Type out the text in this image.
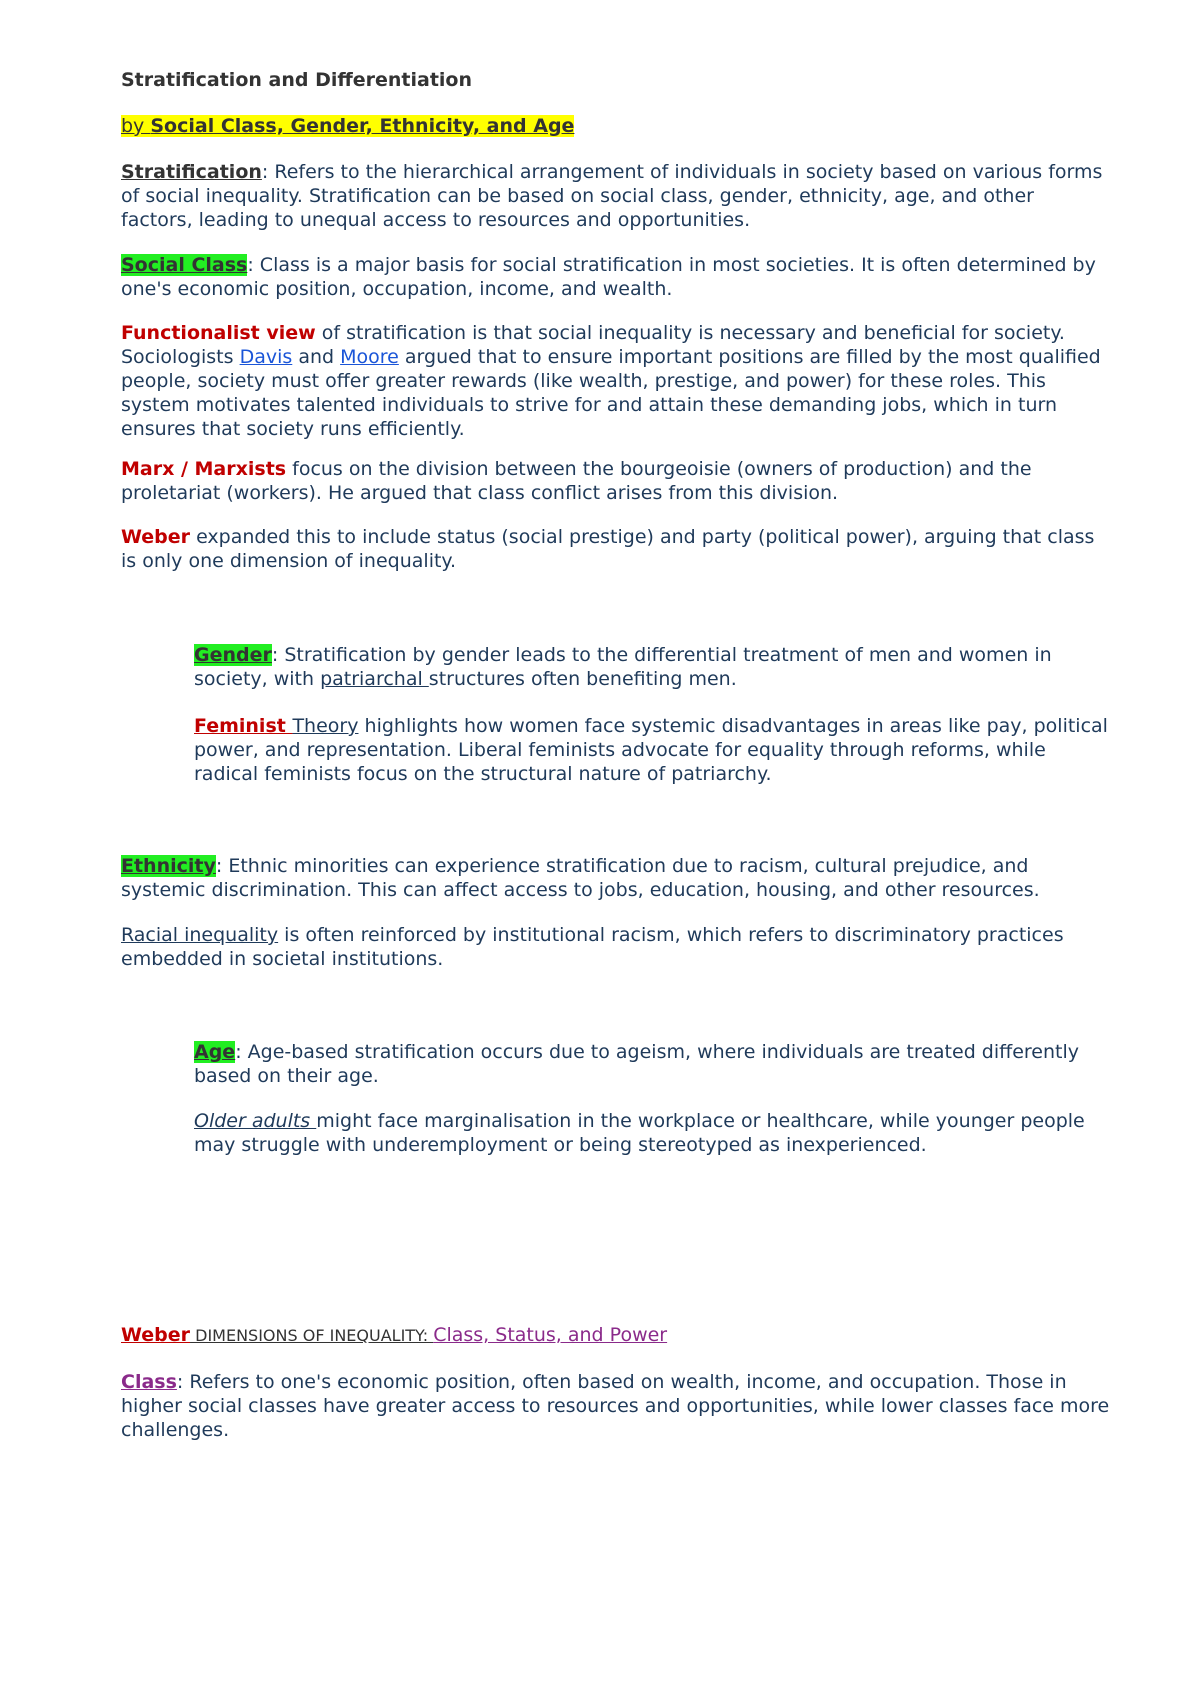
Stratification and Differentiation
by Social Class, Gender, Ethnicity, and Age
Stratification: Refers to the hierarchical arrangement of individuals in society based on various forms of social inequality. Stratification can be based on social class, gender, ethnicity, age, and other factors, leading to unequal access to resources and opportunities.
Social Class: Class is a major basis for social stratification in most societies. It is often determined by one's economic position, occupation, income, and wealth.
Functionalist view of stratification is that social inequality is necessary and beneficial for society. Sociologists Davis and Moore argued that to ensure important positions are filled by the most qualified people, society must offer greater rewards (like wealth, prestige, and power) for these roles. This system motivates talented individuals to strive for and attain these demanding jobs, which in turn ensures that society runs efficiently.
Marx / Marxists focus on the division between the bourgeoisie (owners of production) and the proletariat (workers). He argued that class conflict arises from this division.
Weber expanded this to include status (social prestige) and party (political power), arguing that class is only one dimension of inequality.
Gender: Stratification by gender leads to the differential treatment of men and women in society, with patriarchal structures often benefiting men.
Feminist Theory highlights how women face systemic disadvantages in areas like pay, political power, and representation. Liberal feminists advocate for equality through reforms, while radical feminists focus on the structural nature of patriarchy.
Ethnicity: Ethnic minorities can experience stratification due to racism, cultural prejudice, and systemic discrimination. This can affect access to jobs, education, housing, and other resources.
Racial inequality is often reinforced by institutional racism, which refers to discriminatory practices embedded in societal institutions.
Age: Age-based stratification occurs due to ageism, where individuals are treated differently based on their age.
Older adults might face marginalisation in the workplace or healthcare, while younger people may struggle with underemployment or being stereotyped as inexperienced.
Weber DIMENSIONS OF INEQUALITY: Class, Status, and Power
Class: Refers to one's economic position, often based on wealth, income, and occupation. Those in higher social classes have greater access to resources and opportunities, while lower classes face more challenges.
